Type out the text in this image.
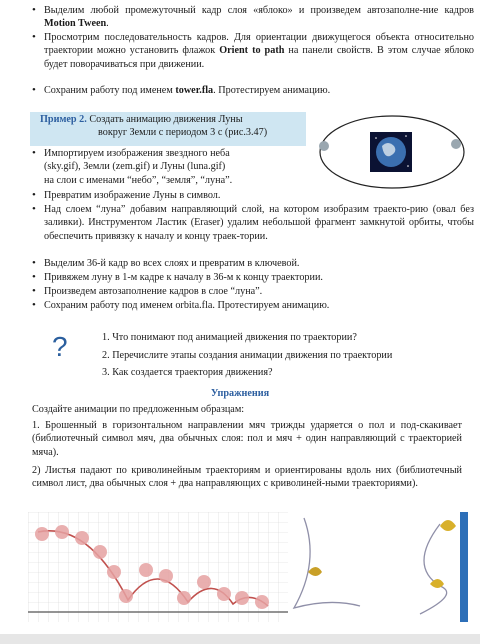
• Выделим любой промежуточный кадр слоя «яблоко» и произведем автозаполне-ние кадров Motion Tween.
• Просмотрим последовательность кадров. Для ориентации движущегося объекта относительно траектории можно установить флажок Orient to path на панели свойств. В этом случае яблоко будет поворачиваться при движении.
• Сохраним работу под именем tower.fla. Протестируем анимацию.
Пример 2. Создать анимацию движения Луны
вокруг Земли с периодом 3 с (рис.3.47)
• Импортируем изображения звездного неба
(sky.gif), Земли (zem.gif) и Луны (luna.gif)
на слои с именами “небо”, “земля”, “луна”.
• Превратим изображение Луны в символ.
• Над слоем “луна” добавим направляющий слой, на котором изобразим траекто-рию (овал без заливки). Инструментом Ластик (Eraser) удалим небольшой фрагмент замкнутой орбиты, чтобы обеспечить привязку к началу и концу траек-тории.
• Выделим 36-й кадр во всех слоях и превратим в ключевой.
• Привяжем луну в 1-м кадре к началу в 36-м к концу траектории.
• Произведем автозаполнение кадров в слое “луна”.
• Сохраним работу под именем orbita.fla. Протестируем анимацию.
?	1. Что понимают под анимацией движения по траектории?
2. Перечислите этапы создания анимации движения по траектории
3. Как создается траектория движения?
Упражнения
Создайте анимации по предложенным образцам:
1. Брошенный в горизонтальном направлении мяч трижды ударяется о пол и под-скакивает (библиотечный символ мяч, два обычных слоя: пол и мяч + один направляющий с траекторией мяча).
2) Листья падают по криволинейным траекториям и ориентированы вдоль них (библиотечный символ лист, два обычных слоя + два направляющих с криволиней-ными траекториями).
